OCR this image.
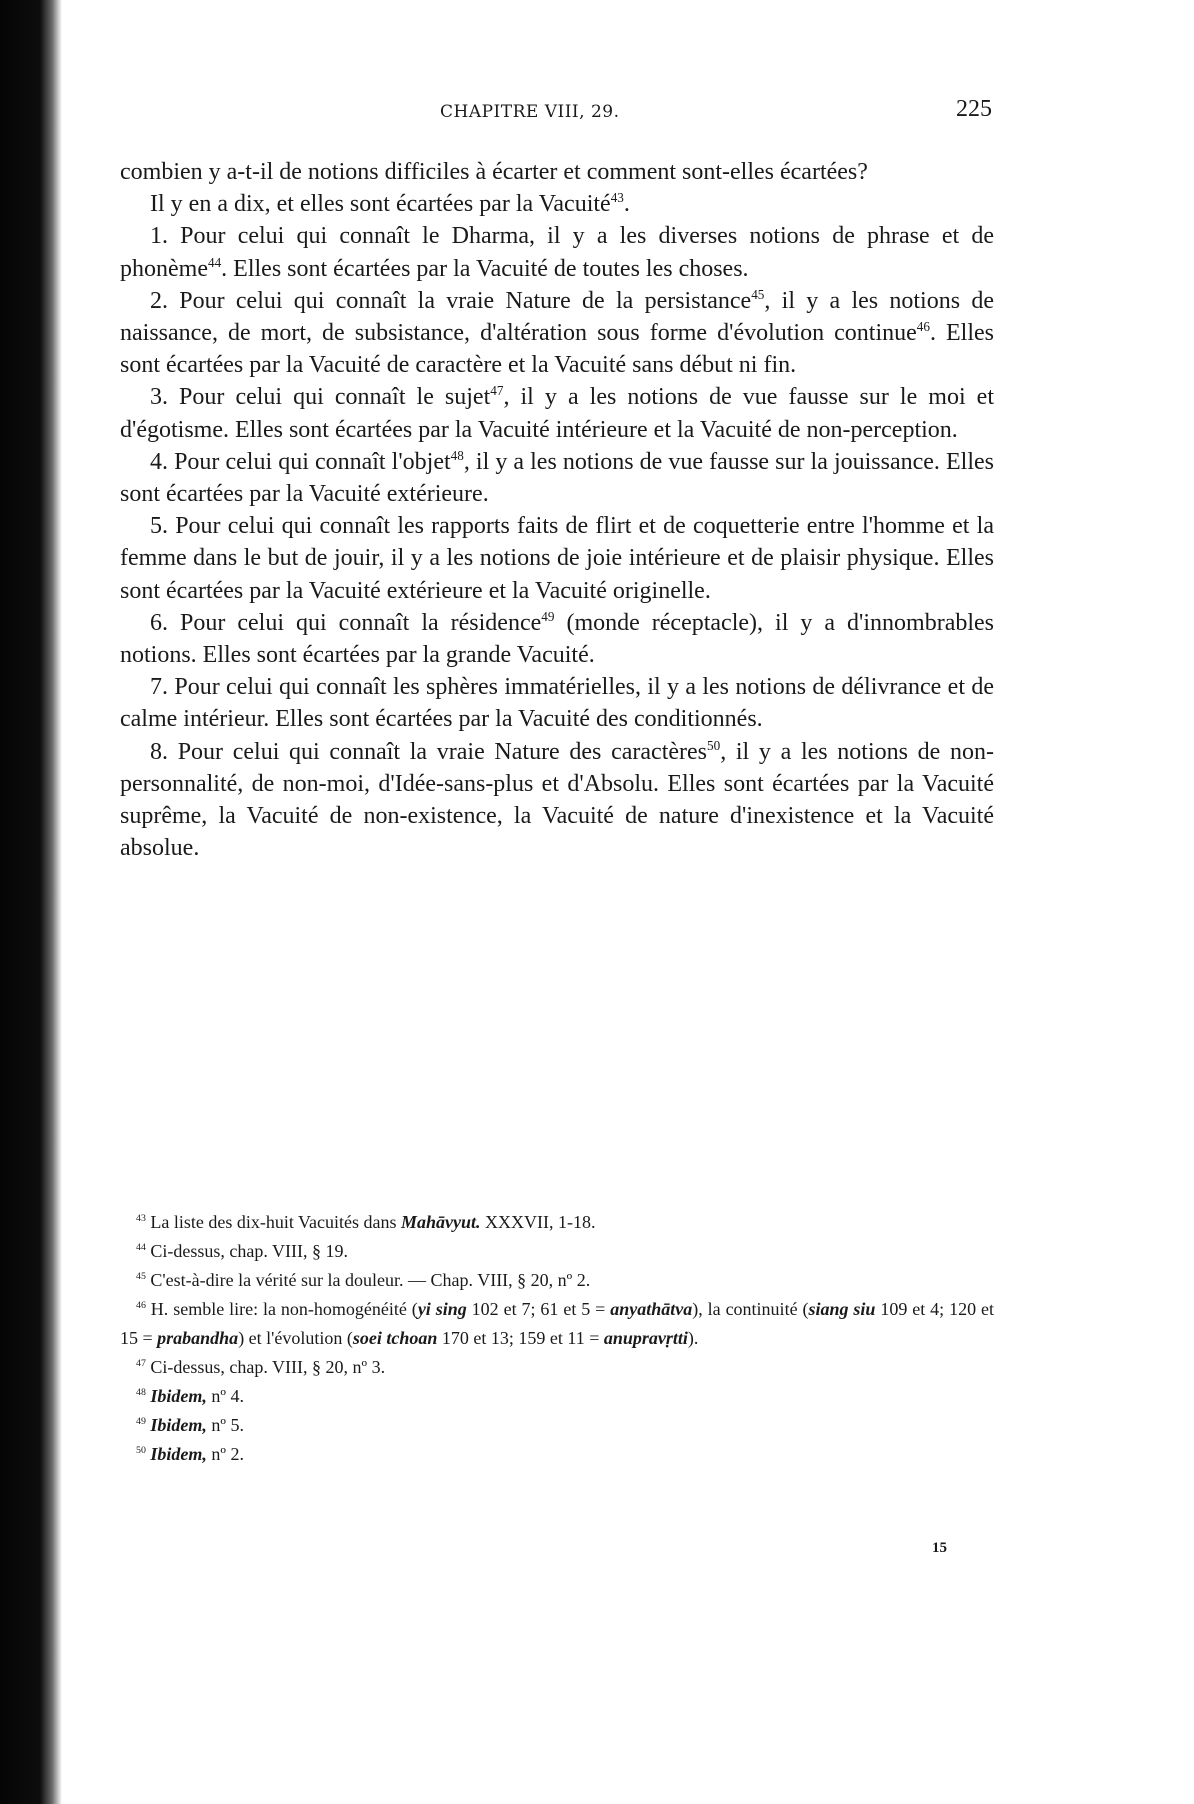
CHAPITRE VIII, 29.	225

combien y a-t-il de notions difficiles à écarter et comment sont-elles écartées?

Il y en a dix, et elles sont écartées par la Vacuité$^{43}$.

1. Pour celui qui connaît le Dharma, il y a les diverses notions de phrase et de phonème$^{44}$. Elles sont écartées par la Vacuité de toutes les choses.

2. Pour celui qui connaît la vraie Nature de la persistance$^{45}$, il y a les notions de naissance, de mort, de subsistance, d'altération sous forme d'évolution continue$^{46}$. Elles sont écartées par la Vacuité de caractère et la Vacuité sans début ni fin.

3. Pour celui qui connaît le sujet$^{47}$, il y a les notions de vue fausse sur le moi et d'égotisme. Elles sont écartées par la Vacuité intérieure et la Vacuité de non-perception.

4. Pour celui qui connaît l'objet$^{48}$, il y a les notions de vue fausse sur la jouissance. Elles sont écartées par la Vacuité extérieure.

5. Pour celui qui connaît les rapports faits de flirt et de coquetterie entre l'homme et la femme dans le but de jouir, il y a les notions de joie intérieure et de plaisir physique. Elles sont écartées par la Vacuité extérieure et la Vacuité originelle.

6. Pour celui qui connaît la résidence$^{49}$ (monde réceptacle), il y a d'innombrables notions. Elles sont écartées par la grande Vacuité.

7. Pour celui qui connaît les sphères immatérielles, il y a les notions de délivrance et de calme intérieur. Elles sont écartées par la Vacuité des conditionnés.

8. Pour celui qui connaît la vraie Nature des caractères$^{50}$, il y a les notions de non-personnalité, de non-moi, d'Idée-sans-plus et d'Absolu. Elles sont écartées par la Vacuité suprême, la Vacuité de non-existence, la Vacuité de nature d'inexistence et la Vacuité absolue.

$^{43}$ La liste des dix-huit Vacuités dans Mahāvyut. XXXVII, 1-18.

$^{44}$ Ci-dessus, chap. VIII, § 19.

$^{45}$ C'est-à-dire la vérité sur la douleur. — Chap. VIII, § 20, nº 2.

$^{46}$ H. semble lire: la non-homogénéité (yi sing 102 et 7; 61 et 5 = anyathātva), la continuité (siang siu 109 et 4; 120 et 15 = prabandha) et l'évolution (soei tchoan 170 et 13; 159 et 11 = anupravṛtti).

$^{47}$ Ci-dessus, chap. VIII, § 20, nº 3.

$^{48}$ Ibidem, nº 4.

$^{49}$ Ibidem, nº 5.

$^{50}$ Ibidem, nº 2.

15
